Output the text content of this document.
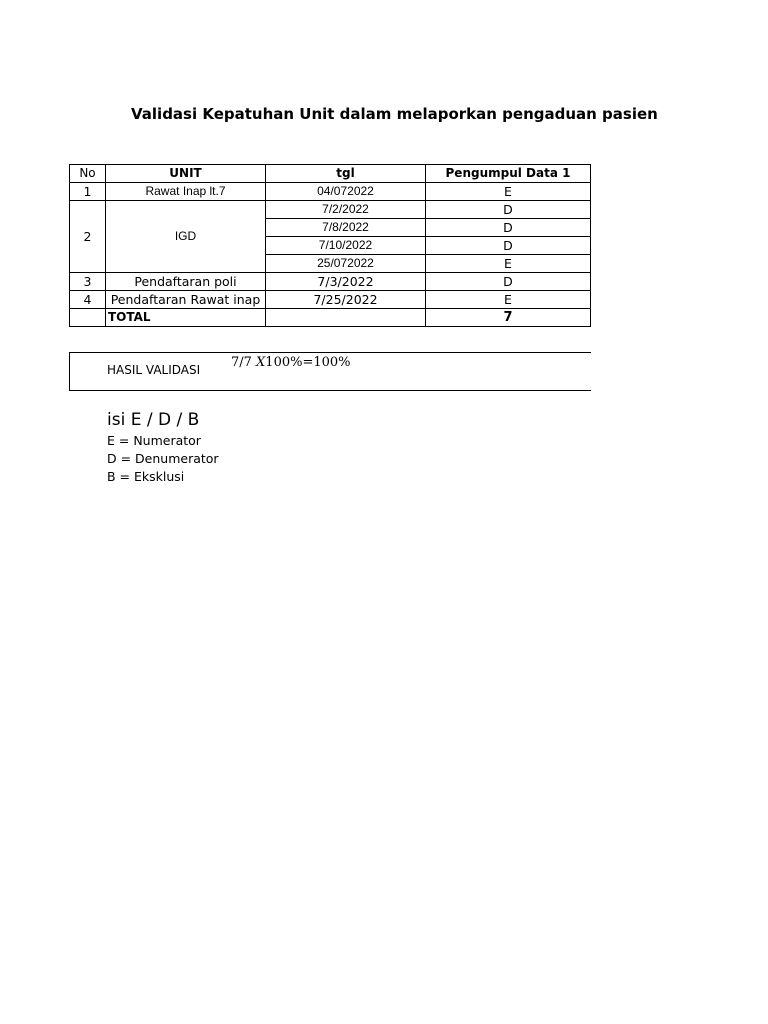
Validasi Kepatuhan Unit dalam melaporkan pengaduan pasien
No	UNIT	tgl	Pengumpul Data 1
1	Rawat Inap lt.7	04/072022	E
2	IGD	7/2/2022	D
		7/8/2022	D
		7/10/2022	D
		25/072022	E
3	Pendaftaran poli	7/3/2022	D
4	Pendaftaran Rawat inap	7/25/2022	E
	TOTAL		7
HASIL VALIDASI 7/7 𝑋100%=100%
isi E / D / B
E = Numerator
D = Denumerator
B = Eksklusi
